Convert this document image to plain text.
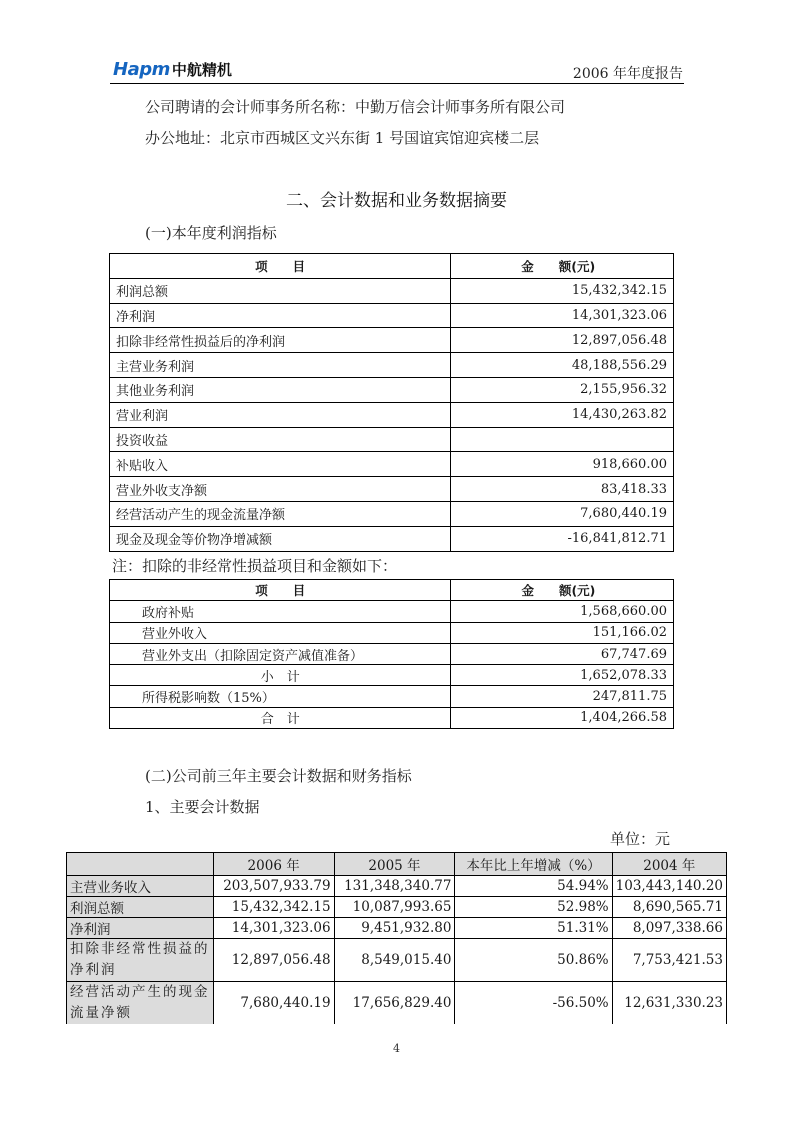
Hapm 中航精机	2006 年年度报告
公司聘请的会计师事务所名称：中勤万信会计师事务所有限公司
办公地址：北京市西城区文兴东街 1 号国谊宾馆迎宾楼二层
二、会计数据和业务数据摘要
(一)本年度利润指标
项　　目	金　　额(元)
利润总额	15,432,342.15
净利润	14,301,323.06
扣除非经常性损益后的净利润	12,897,056.48
主营业务利润	48,188,556.29
其他业务利润	2,155,956.32
营业利润	14,430,263.82
投资收益	
补贴收入	918,660.00
营业外收支净额	83,418.33
经营活动产生的现金流量净额	7,680,440.19
现金及现金等价物净增减额	-16,841,812.71
注：扣除的非经常性损益项目和金额如下：
项　　目	金　　额(元)
政府补贴	1,568,660.00
营业外收入	151,166.02
营业外支出（扣除固定资产减值准备）	67,747.69
小　计	1,652,078.33
所得税影响数（15%）	247,811.75
合　计	1,404,266.58
(二)公司前三年主要会计数据和财务指标
1、主要会计数据
单位：元
	2006 年	2005 年	本年比上年增减（%）	2004 年
主营业务收入	203,507,933.79	131,348,340.77	54.94%	103,443,140.20
利润总额	15,432,342.15	10,087,993.65	52.98%	8,690,565.71
净利润	14,301,323.06	9,451,932.80	51.31%	8,097,338.66
扣除非经常性损益的净利润	12,897,056.48	8,549,015.40	50.86%	7,753,421.53
经营活动产生的现金流量净额	7,680,440.19	17,656,829.40	-56.50%	12,631,330.23
4
